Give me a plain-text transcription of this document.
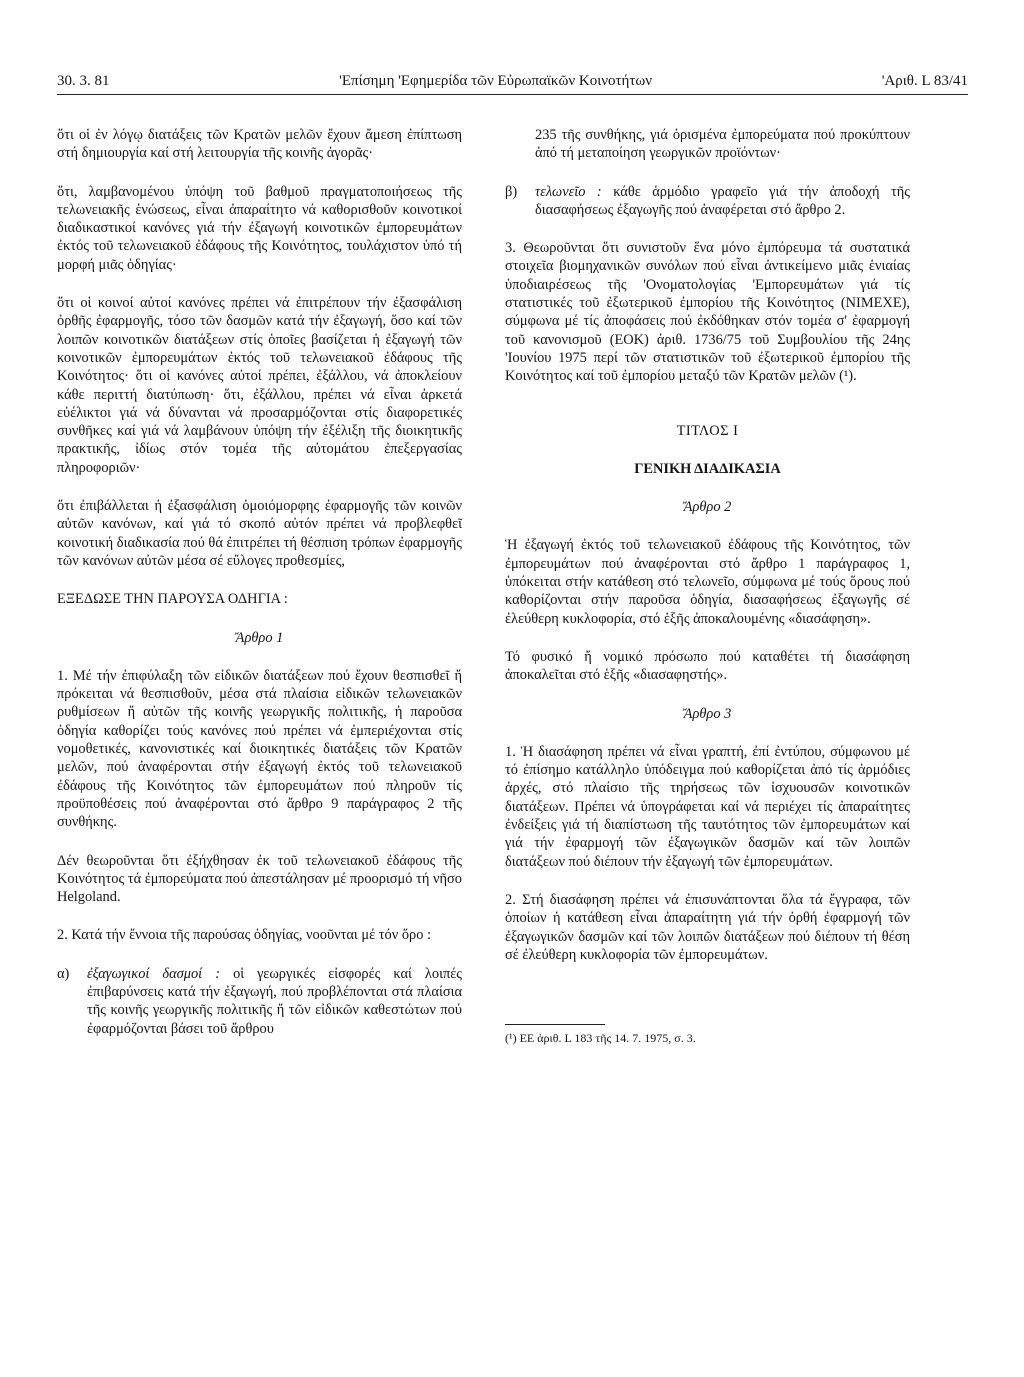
30. 3. 81	'Επίσημη 'Εφημερίδα τῶν Εὐρωπαϊκῶν Κοινοτήτων	'Αριθ. L 83/41

ὅτι οἱ ἐν λόγῳ διατάξεις τῶν Κρατῶν μελῶν ἔχουν ἄμεση ἐπίπτωση στή δημιουργία καί στή λειτουργία τῆς κοινῆς ἀγορᾶς·

ὅτι, λαμβανομένου ὑπόψη τοῦ βαθμοῦ πραγματοποιήσεως τῆς τελωνειακῆς ἑνώσεως, εἶναι ἀπαραίτητο νά καθορισθοῦν κοινοτικοί διαδικαστικοί κανόνες γιά τήν ἐξαγωγή κοινοτικῶν ἐμπορευμάτων ἐκτός τοῦ τελωνειακοῦ ἐδάφους τῆς Κοινότητος, τουλάχιστον ὑπό τή μορφή μιᾶς ὁδηγίας·

ὅτι οἱ κοινοί αὐτοί κανόνες πρέπει νά ἐπιτρέπουν τήν ἐξασφάλιση ὀρθῆς ἐφαρμογῆς, τόσο τῶν δασμῶν κατά τήν ἐξαγωγή, ὅσο καί τῶν λοιπῶν κοινοτικῶν διατάξεων στίς ὁποῖες βασίζεται ἡ ἐξαγωγή τῶν κοινοτικῶν ἐμπορευμάτων ἐκτός τοῦ τελωνειακοῦ ἐδάφους τῆς Κοινότητος· ὅτι οἱ κανόνες αὐτοί πρέπει, ἐξάλλου, νά ἀποκλείουν κάθε περιττή διατύπωση· ὅτι, ἐξάλλου, πρέπει νά εἶναι ἀρκετά εὐέλικτοι γιά νά δύνανται νά προσαρμόζονται στίς διαφορετικές συνθῆκες καί γιά νά λαμβάνουν ὑπόψη τήν ἐξέλιξη τῆς διοικητικῆς πρακτικῆς, ἰδίως στόν τομέα τῆς αὐτομάτου ἐπεξεργασίας πληροφοριῶν·

ὅτι ἐπιβάλλεται ἡ ἐξασφάλιση ὁμοιόμορφης ἐφαρμογῆς τῶν κοινῶν αὐτῶν κανόνων, καί γιά τό σκοπό αὐτόν πρέπει νά προβλεφθεῖ κοινοτική διαδικασία πού θά ἐπιτρέπει τή θέσπιση τρόπων ἐφαρμογῆς τῶν κανόνων αὐτῶν μέσα σέ εὔλογες προθεσμίες,

ΕΞΕΔΩΣΕ ΤΗΝ ΠΑΡΟΥΣΑ ΟΔΗΓΙΑ :

Ἄρθρο 1

1. Μέ τήν ἐπιφύλαξη τῶν εἰδικῶν διατάξεων πού ἔχουν θεσπισθεῖ ἤ πρόκειται νά θεσπισθοῦν, μέσα στά πλαίσια εἰδικῶν τελωνειακῶν ρυθμίσεων ἤ αὐτῶν τῆς κοινῆς γεωργικῆς πολιτικῆς, ἡ παροῦσα ὁδηγία καθορίζει τούς κανόνες πού πρέπει νά ἐμπεριέχονται στίς νομοθετικές, κανονιστικές καί διοικητικές διατάξεις τῶν Κρατῶν μελῶν, πού ἀναφέρονται στήν ἐξαγωγή ἐκτός τοῦ τελωνειακοῦ ἐδάφους τῆς Κοινότητος τῶν ἐμπορευμάτων πού πληροῦν τίς προϋποθέσεις πού ἀναφέρονται στό ἄρθρο 9 παράγραφος 2 τῆς συνθήκης.

Δέν θεωροῦνται ὅτι ἐξήχθησαν ἐκ τοῦ τελωνειακοῦ ἐδάφους τῆς Κοινότητος τά ἐμπορεύματα πού ἀπεστάλησαν μέ προορισμό τή νῆσο Helgoland.

2. Κατά τήν ἔννοια τῆς παρούσας ὁδηγίας, νοοῦνται μέ τόν ὅρο :

α)	ἐξαγωγικοί δασμοί : οἱ γεωργικές εἰσφορές καί λοιπές ἐπιβαρύνσεις κατά τήν ἐξαγωγή, πού προβλέπονται στά πλαίσια τῆς κοινῆς γεωργικῆς πολιτικῆς ἤ τῶν εἰδικῶν καθεστώτων πού ἐφαρμόζονται βάσει τοῦ ἄρθρου

235 τῆς συνθήκης, γιά ὁρισμένα ἐμπορεύματα πού προκύπτουν ἀπό τή μεταποίηση γεωργικῶν προϊόντων·

β)	τελωνεῖο : κάθε ἁρμόδιο γραφεῖο γιά τήν ἀποδοχή τῆς διασαφήσεως ἐξαγωγῆς πού ἀναφέρεται στό ἄρθρο 2.

3. Θεωροῦνται ὅτι συνιστοῦν ἕνα μόνο ἐμπόρευμα τά συστατικά στοιχεῖα βιομηχανικῶν συνόλων πού εἶναι ἀντικείμενο μιᾶς ἑνιαίας ὑποδιαιρέσεως τῆς 'Ονοματολογίας 'Εμπορευμάτων γιά τίς στατιστικές τοῦ ἐξωτερικοῦ ἐμπορίου τῆς Κοινότητος (ΝΙΜΕΧΕ), σύμφωνα μέ τίς ἀποφάσεις πού ἐκδόθηκαν στόν τομέα σ' ἐφαρμογή τοῦ κανονισμοῦ (ΕΟΚ) ἀριθ. 1736/75 τοῦ Συμβουλίου τῆς 24ης 'Ιουνίου 1975 περί τῶν στατιστικῶν τοῦ ἐξωτερικοῦ ἐμπορίου τῆς Κοινότητος καί τοῦ ἐμπορίου μεταξύ τῶν Κρατῶν μελῶν (¹).

ΤΙΤΛΟΣ Ι

ΓΕΝΙΚΗ ΔΙΑΔΙΚΑΣΙΑ

Ἄρθρο 2

Ἡ ἐξαγωγή ἐκτός τοῦ τελωνειακοῦ ἐδάφους τῆς Κοινότητος, τῶν ἐμπορευμάτων πού ἀναφέρονται στό ἄρθρο 1 παράγραφος 1, ὑπόκειται στήν κατάθεση στό τελωνεῖο, σύμφωνα μέ τούς ὅρους πού καθορίζονται στήν παροῦσα ὁδηγία, διασαφήσεως ἐξαγωγῆς σέ ἐλεύθερη κυκλοφορία, στό ἑξῆς ἀποκαλουμένης «διασάφηση».

Τό φυσικό ἤ νομικό πρόσωπο πού καταθέτει τή διασάφηση ἀποκαλεῖται στό ἑξῆς «διασαφηστής».

Ἄρθρο 3

1. Ἡ διασάφηση πρέπει νά εἶναι γραπτή, ἐπί ἐντύπου, σύμφωνου μέ τό ἐπίσημο κατάλληλο ὑπόδειγμα πού καθορίζεται ἀπό τίς ἁρμόδιες ἀρχές, στό πλαίσιο τῆς τηρήσεως τῶν ἰσχυουσῶν κοινοτικῶν διατάξεων. Πρέπει νά ὑπογράφεται καί νά περιέχει τίς ἀπαραίτητες ἐνδείξεις γιά τή διαπίστωση τῆς ταυτότητος τῶν ἐμπορευμάτων καί γιά τήν ἐφαρμογή τῶν ἐξαγωγικῶν δασμῶν καί τῶν λοιπῶν διατάξεων πού διέπουν τήν ἐξαγωγή τῶν ἐμπορευμάτων.

2. Στή διασάφηση πρέπει νά ἐπισυνάπτονται ὅλα τά ἔγγραφα, τῶν ὁποίων ἡ κατάθεση εἶναι ἀπαραίτητη γιά τήν ὀρθή ἐφαρμογή τῶν ἐξαγωγικῶν δασμῶν καί τῶν λοιπῶν διατάξεων πού διέπουν τή θέση σέ ἐλεύθερη κυκλοφορία τῶν ἐμπορευμάτων.

(¹) ΕΕ ἀριθ. L 183 τῆς 14. 7. 1975, σ. 3.
